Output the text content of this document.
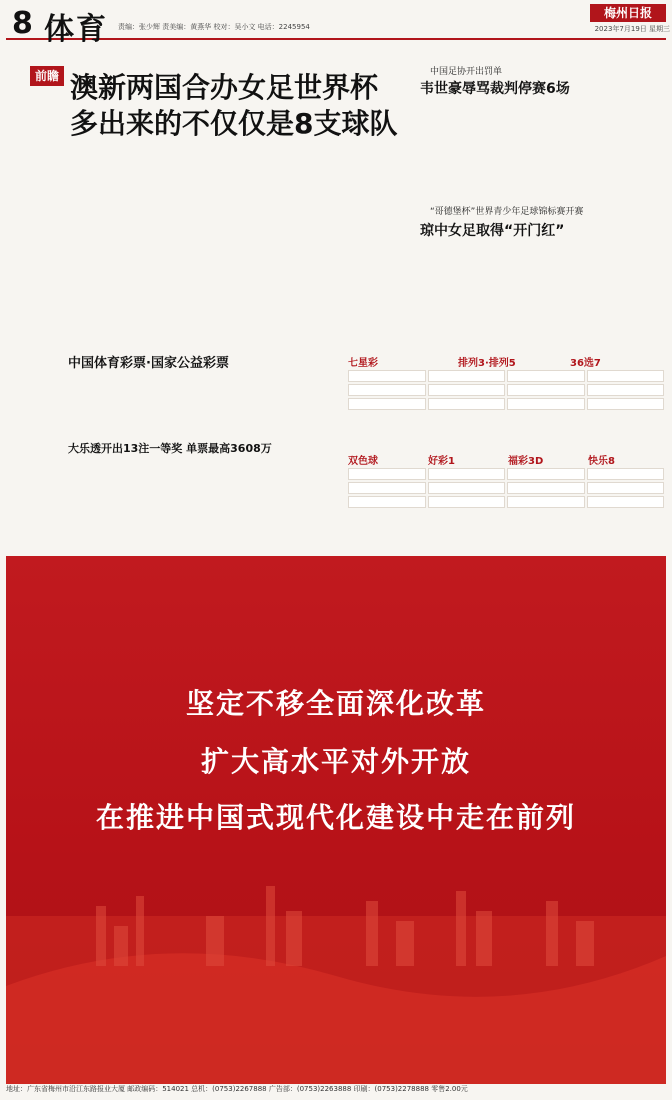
8 体育 责编：张少辉 责美编：黄燕华 校对：吴小文 电话：2245954
梅州日报
2023年7月19日 星期三
前瞻 澳新两国合办女足世界杯
多出来的不仅仅是8支球队
中国足协开出罚单
韦世豪辱骂裁判停赛6场
“哥德堡杯”世界青少年足球锦标赛开赛
琼中女足取得“开门红”
中国体育彩票·国家公益彩票
大乐透开出13注一等奖 单票最高3608万
七星彩	排列3·排列5	36选7
双色球	好彩1	福彩3D	快乐8
坚定不移全面深化改革
扩大高水平对外开放
在推进中国式现代化建设中走在前列
地址：广东省梅州市沿江东路报业大厦 邮政编码：514021 总机：(0753)2267888 广告部：(0753)2263888 印刷：(0753)2278888 零售2.00元
